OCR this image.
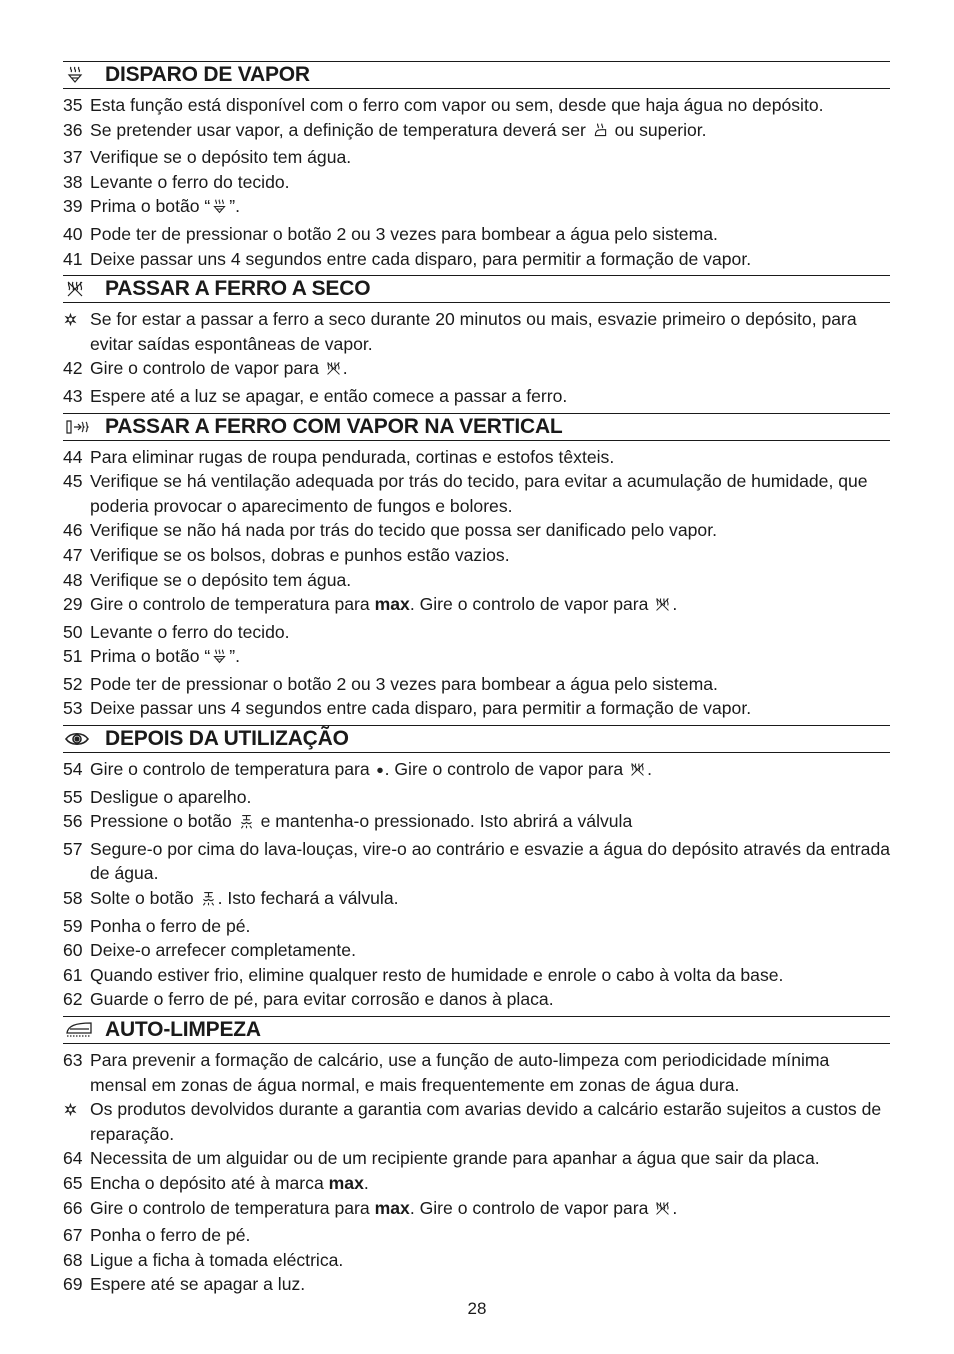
DISPARO DE VAPOR
35 Esta função está disponível com o ferro com vapor ou sem, desde que haja água no depósito.
36 Se pretender usar vapor, a definição de temperatura deverá ser  ou superior.
37 Verifique se o depósito tem água.
38 Levante o ferro do tecido.
39 Prima o botão “ ”.
40 Pode ter de pressionar o botão 2 ou 3 vezes para bombear a água pelo sistema.
41 Deixe passar uns 4 segundos entre cada disparo, para permitir a formação de vapor.
PASSAR A FERRO A SECO
Se for estar a passar a ferro a seco durante 20 minutos ou mais, esvazie primeiro o depósito, para evitar saídas espontâneas de vapor.
42 Gire o controlo de vapor para .
43 Espere até a luz se apagar, e então comece a passar a ferro.
PASSAR A FERRO COM VAPOR NA VERTICAL
44 Para eliminar rugas de roupa pendurada, cortinas e estofos têxteis.
45 Verifique se há ventilação adequada por trás do tecido, para evitar a acumulação de humidade, que poderia provocar o aparecimento de fungos e bolores.
46 Verifique se não há nada por trás do tecido que possa ser danificado pelo vapor.
47 Verifique se os bolsos, dobras e punhos estão vazios.
48 Verifique se o depósito tem água.
29 Gire o controlo de temperatura para max. Gire o controlo de vapor para .
50 Levante o ferro do tecido.
51 Prima o botão “ ”.
52 Pode ter de pressionar o botão 2 ou 3 vezes para bombear a água pelo sistema.
53 Deixe passar uns 4 segundos entre cada disparo, para permitir a formação de vapor.
DEPOIS DA UTILIZAÇÃO
54 Gire o controlo de temperatura para . Gire o controlo de vapor para .
55 Desligue o aparelho.
56 Pressione o botão  e mantenha-o pressionado. Isto abrirá a válvula
57 Segure-o por cima do lava-louças, vire-o ao contrário e esvazie a água do depósito através da entrada de água.
58 Solte o botão . Isto fechará a válvula.
59 Ponha o ferro de pé.
60 Deixe-o arrefecer completamente.
61 Quando estiver frio, elimine qualquer resto de humidade e enrole o cabo à volta da base.
62 Guarde o ferro de pé, para evitar corrosão e danos à placa.
AUTO-LIMPEZA
63 Para prevenir a formação de calcário, use a função de auto-limpeza com periodicidade mínima mensal em zonas de água normal, e mais frequentemente em zonas de água dura.
Os produtos devolvidos durante a garantia com avarias devido a calcário estarão sujeitos a custos de reparação.
64 Necessita de um alguidar ou de um recipiente grande para apanhar a água que sair da placa.
65 Encha o depósito até à marca max.
66 Gire o controlo de temperatura para max. Gire o controlo de vapor para .
67 Ponha o ferro de pé.
68 Ligue a ficha à tomada eléctrica.
69 Espere até se apagar a luz.
28
